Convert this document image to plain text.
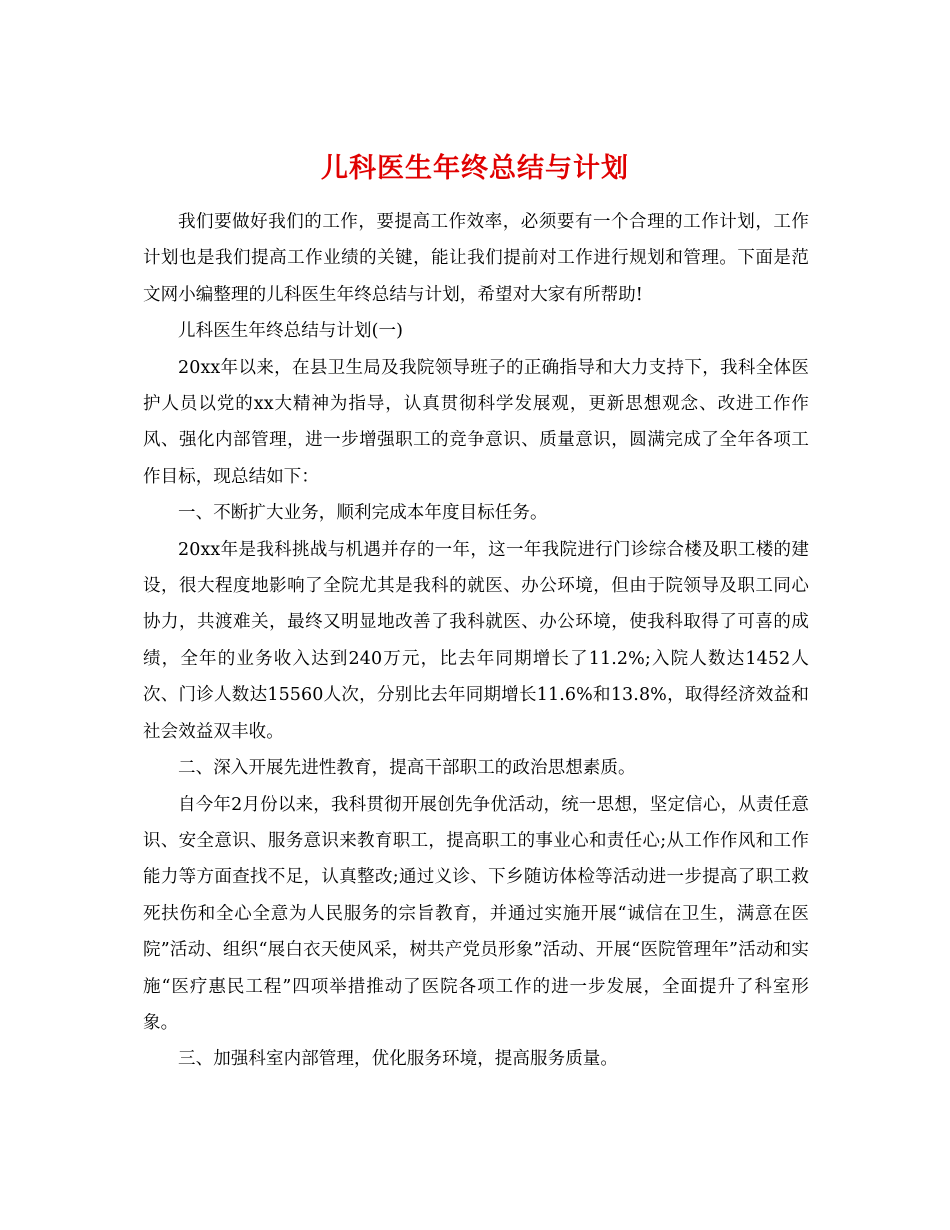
儿科医生年终总结与计划

我们要做好我们的工作，要提高工作效率，必须要有一个合理的工作计划，工作计划也是我们提高工作业绩的关键，能让我们提前对工作进行规划和管理。下面是范文网小编整理的儿科医生年终总结与计划，希望对大家有所帮助!

儿科医生年终总结与计划(一)

20xx年以来，在县卫生局及我院领导班子的正确指导和大力支持下，我科全体医护人员以党的xx大精神为指导，认真贯彻科学发展观，更新思想观念、改进工作作风、强化内部管理，进一步增强职工的竞争意识、质量意识，圆满完成了全年各项工作目标，现总结如下：

一、不断扩大业务，顺利完成本年度目标任务。

20xx年是我科挑战与机遇并存的一年，这一年我院进行门诊综合楼及职工楼的建设，很大程度地影响了全院尤其是我科的就医、办公环境，但由于院领导及职工同心协力，共渡难关，最终又明显地改善了我科就医、办公环境，使我科取得了可喜的成绩，全年的业务收入达到240万元，比去年同期增长了11.2%;入院人数达1452人次、门诊人数达15560人次，分别比去年同期增长11.6%和13.8%，取得经济效益和社会效益双丰收。

二、深入开展先进性教育，提高干部职工的政治思想素质。

自今年2月份以来，我科贯彻开展创先争优活动，统一思想，坚定信心，从责任意识、安全意识、服务意识来教育职工，提高职工的事业心和责任心;从工作作风和工作能力等方面查找不足，认真整改;通过义诊、下乡随访体检等活动进一步提高了职工救死扶伤和全心全意为人民服务的宗旨教育，并通过实施开展“诚信在卫生，满意在医院”活动、组织“展白衣天使风采，树共产党员形象”活动、开展“医院管理年”活动和实施“医疗惠民工程”四项举措推动了医院各项工作的进一步发展，全面提升了科室形象。

三、加强科室内部管理，优化服务环境，提高服务质量。
